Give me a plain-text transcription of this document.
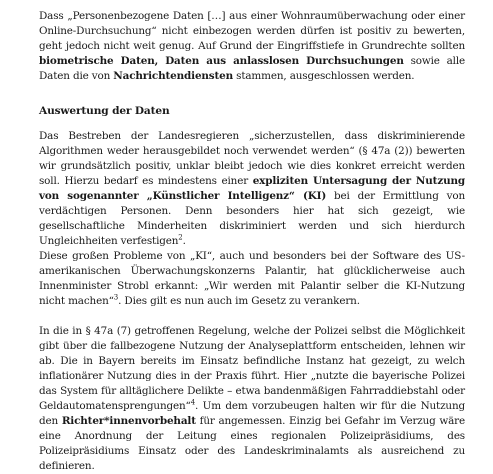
Dass „Personenbezogene Daten […] aus einer Wohnraumüberwachung oder einer Online-Durchsuchung“ nicht einbezogen werden dürfen ist positiv zu bewerten, geht jedoch nicht weit genug. Auf Grund der Eingriffstiefe in Grundrechte sollten biometrische Daten, Daten aus anlasslosen Durchsuchungen sowie alle Daten die von Nachrichtendiensten stammen, ausgeschlossen werden.

Auswertung der Daten

Das Bestreben der Landesregieren „sicherzustellen, dass diskriminierende Algorithmen weder herausgebildet noch verwendet werden“ (§ 47a (2)) bewerten wir grundsätzlich positiv, unklar bleibt jedoch wie dies konkret erreicht werden soll. Hierzu bedarf es mindestens einer expliziten Untersagung der Nutzung von sogenannter „Künstlicher Intelligenz“ (KI) bei der Ermittlung von verdächtigen Personen. Denn besonders hier hat sich gezeigt, wie gesellschaftliche Minderheiten diskriminiert werden und sich hierdurch Ungleichheiten verfestigen$^2$.

Diese großen Probleme von „KI“, auch und besonders bei der Software des US-amerikanischen Überwachungskonzerns Palantir, hat glücklicherweise auch Innenminister Strobl erkannt: „Wir werden mit Palantir selber die KI-Nutzung nicht machen“$^3$. Dies gilt es nun auch im Gesetz zu verankern.

In die in § 47a (7) getroffenen Regelung, welche der Polizei selbst die Möglichkeit gibt über die fallbezogene Nutzung der Analyseplattform entscheiden, lehnen wir ab. Die in Bayern bereits im Einsatz befindliche Instanz hat gezeigt, zu welch inflationärer Nutzung dies in der Praxis führt. Hier „nutzte die bayerische Polizei das System für alltäglichere Delikte – etwa bandenmäßigen Fahrraddiebstahl oder Geldautomatensprengungen“$^4$. Um dem vorzubeugen halten wir für die Nutzung den Richter*innenvorbehalt für angemessen. Einzig bei Gefahr im Verzug wäre eine Anordnung der Leitung eines regionalen Polizeipräsidiums, des Polizeipräsidiums Einsatz oder des Landeskriminalamts als ausreichend zu definieren.
